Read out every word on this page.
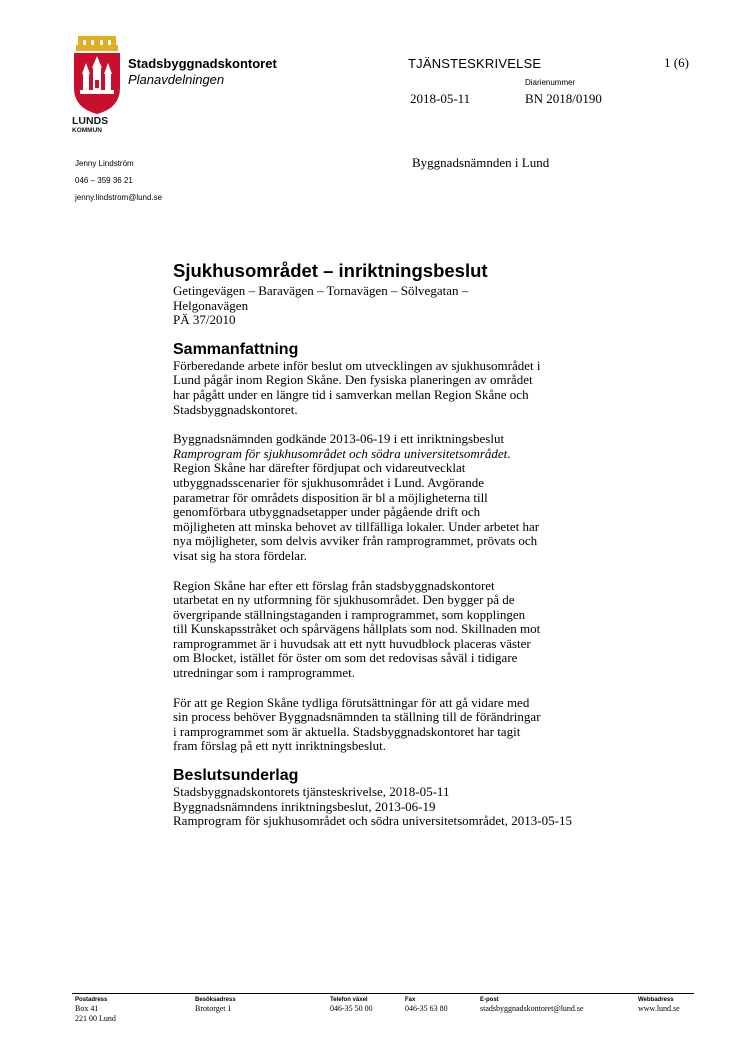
LUNDS
KOMMUN
Stadsbyggnadskontoret
Planavdelningen
TJÄNSTESKRIVELSE	1 (6)
Diarienummer
2018-05-11	BN 2018/0190
Jenny Lindström
046 – 359 36 21
jenny.lindstrom@lund.se
Byggnadsnämnden i Lund
Sjukhusområdet – inriktningsbeslut
Getingevägen – Baravägen – Tornavägen – Sölvegatan –
Helgonavägen
PÄ 37/2010
Sammanfattning
Förberedande arbete inför beslut om utvecklingen av sjukhusområdet i
Lund pågår inom Region Skåne. Den fysiska planeringen av området
har pågått under en längre tid i samverkan mellan Region Skåne och
Stadsbyggnadskontoret.
Byggnadsnämnden godkände 2013-06-19 i ett inriktningsbeslut
Ramprogram för sjukhusområdet och södra universitetsområdet.
Region Skåne har därefter fördjupat och vidareutvecklat
utbyggnadsscenarier för sjukhusområdet i Lund. Avgörande
parametrar för områdets disposition är bl a möjligheterna till
genomförbara utbyggnadsetapper under pågående drift och
möjligheten att minska behovet av tillfälliga lokaler. Under arbetet har
nya möjligheter, som delvis avviker från ramprogrammet, prövats och
visat sig ha stora fördelar.
Region Skåne har efter ett förslag från stadsbyggnadskontoret
utarbetat en ny utformning för sjukhusområdet. Den bygger på de
övergripande ställningstaganden i ramprogrammet, som kopplingen
till Kunskapsstråket och spårvägens hållplats som nod. Skillnaden mot
ramprogrammet är i huvudsak att ett nytt huvudblock placeras väster
om Blocket, istället för öster om som det redovisas såväl i tidigare
utredningar som i ramprogrammet.
För att ge Region Skåne tydliga förutsättningar för att gå vidare med
sin process behöver Byggnadsnämnden ta ställning till de förändringar
i ramprogrammet som är aktuella. Stadsbyggnadskontoret har tagit
fram förslag på ett nytt inriktningsbeslut.
Beslutsunderlag
Stadsbyggnadskontorets tjänsteskrivelse, 2018-05-11
Byggnadsnämndens inriktningsbeslut, 2013-06-19
Ramprogram för sjukhusområdet och södra universitetsområdet, 2013-05-15
Postadress
Box 41
221 00 Lund
Besöksadress
Brotorget 1
Telefon växel
046-35 50 00
Fax
046-35 63 80
E-post
stadsbyggnadskontoret@lund.se
Webbadress
www.lund.se
